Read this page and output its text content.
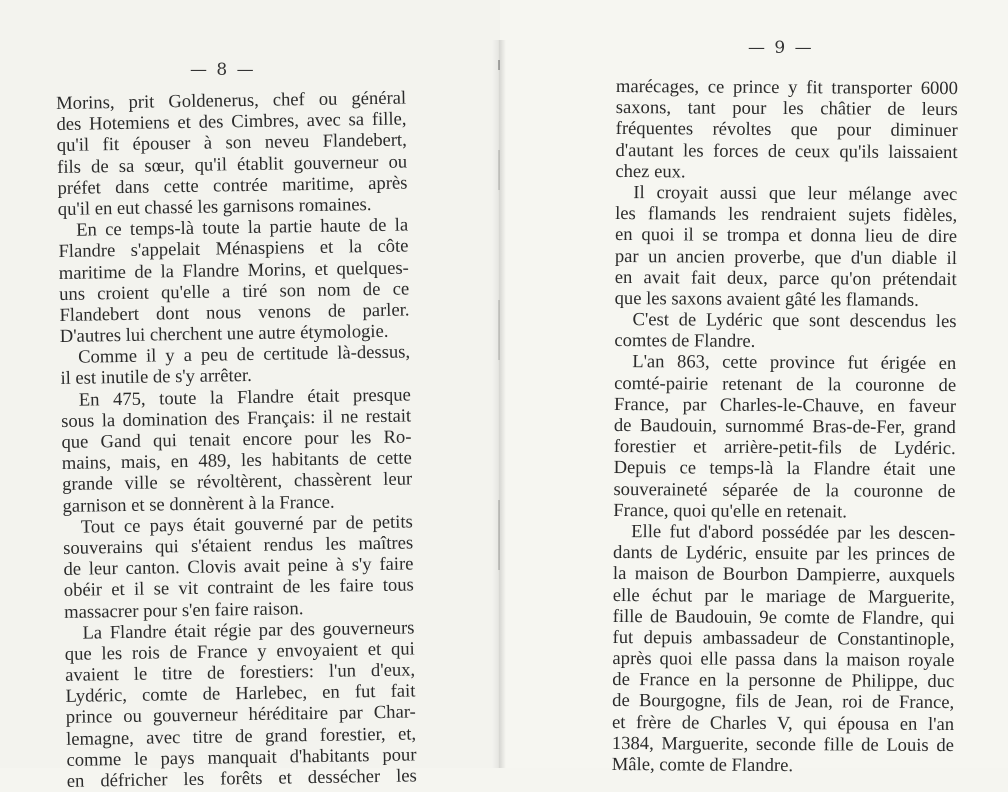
— 8 —
Morins, prit Goldenerus, chef ou général
des Hotemiens et des Cimbres, avec sa fille,
qu'il fit épouser à son neveu Flandebert,
fils de sa sœur, qu'il établit gouverneur ou
préfet dans cette contrée maritime, après
qu'il en eut chassé les garnisons romaines.
En ce temps-là toute la partie haute de la
Flandre s'appelait Ménaspiens et la côte
maritime de la Flandre Morins, et quelques-
uns croient qu'elle a tiré son nom de ce
Flandebert dont nous venons de parler.
D'autres lui cherchent une autre étymologie.
Comme il y a peu de certitude là-dessus,
il est inutile de s'y arrêter.
En 475, toute la Flandre était presque
sous la domination des Français: il ne restait
que Gand qui tenait encore pour les Ro-
mains, mais, en 489, les habitants de cette
grande ville se révoltèrent, chassèrent leur
garnison et se donnèrent à la France.
Tout ce pays était gouverné par de petits
souverains qui s'étaient rendus les maîtres
de leur canton. Clovis avait peine à s'y faire
obéir et il se vit contraint de les faire tous
massacrer pour s'en faire raison.
La Flandre était régie par des gouverneurs
que les rois de France y envoyaient et qui
avaient le titre de forestiers: l'un d'eux,
Lydéric, comte de Harlebec, en fut fait
prince ou gouverneur héréditaire par Char-
lemagne, avec titre de grand forestier, et,
comme le pays manquait d'habitants pour
en défricher les forêts et dessécher les
— 9 —
marécages, ce prince y fit transporter 6000
saxons, tant pour les châtier de leurs
fréquentes révoltes que pour diminuer
d'autant les forces de ceux qu'ils laissaient
chez eux.
Il croyait aussi que leur mélange avec
les flamands les rendraient sujets fidèles,
en quoi il se trompa et donna lieu de dire
par un ancien proverbe, que d'un diable il
en avait fait deux, parce qu'on prétendait
que les saxons avaient gâté les flamands.
C'est de Lydéric que sont descendus les
comtes de Flandre.
L'an 863, cette province fut érigée en
comté-pairie retenant de la couronne de
France, par Charles-le-Chauve, en faveur
de Baudouin, surnommé Bras-de-Fer, grand
forestier et arrière-petit-fils de Lydéric.
Depuis ce temps-là la Flandre était une
souveraineté séparée de la couronne de
France, quoi qu'elle en retenait.
Elle fut d'abord possédée par les descen-
dants de Lydéric, ensuite par les princes de
la maison de Bourbon Dampierre, auxquels
elle échut par le mariage de Marguerite,
fille de Baudouin, 9e comte de Flandre, qui
fut depuis ambassadeur de Constantinople,
après quoi elle passa dans la maison royale
de France en la personne de Philippe, duc
de Bourgogne, fils de Jean, roi de France,
et frère de Charles V, qui épousa en l'an
1384, Marguerite, seconde fille de Louis de
Mâle, comte de Flandre.
